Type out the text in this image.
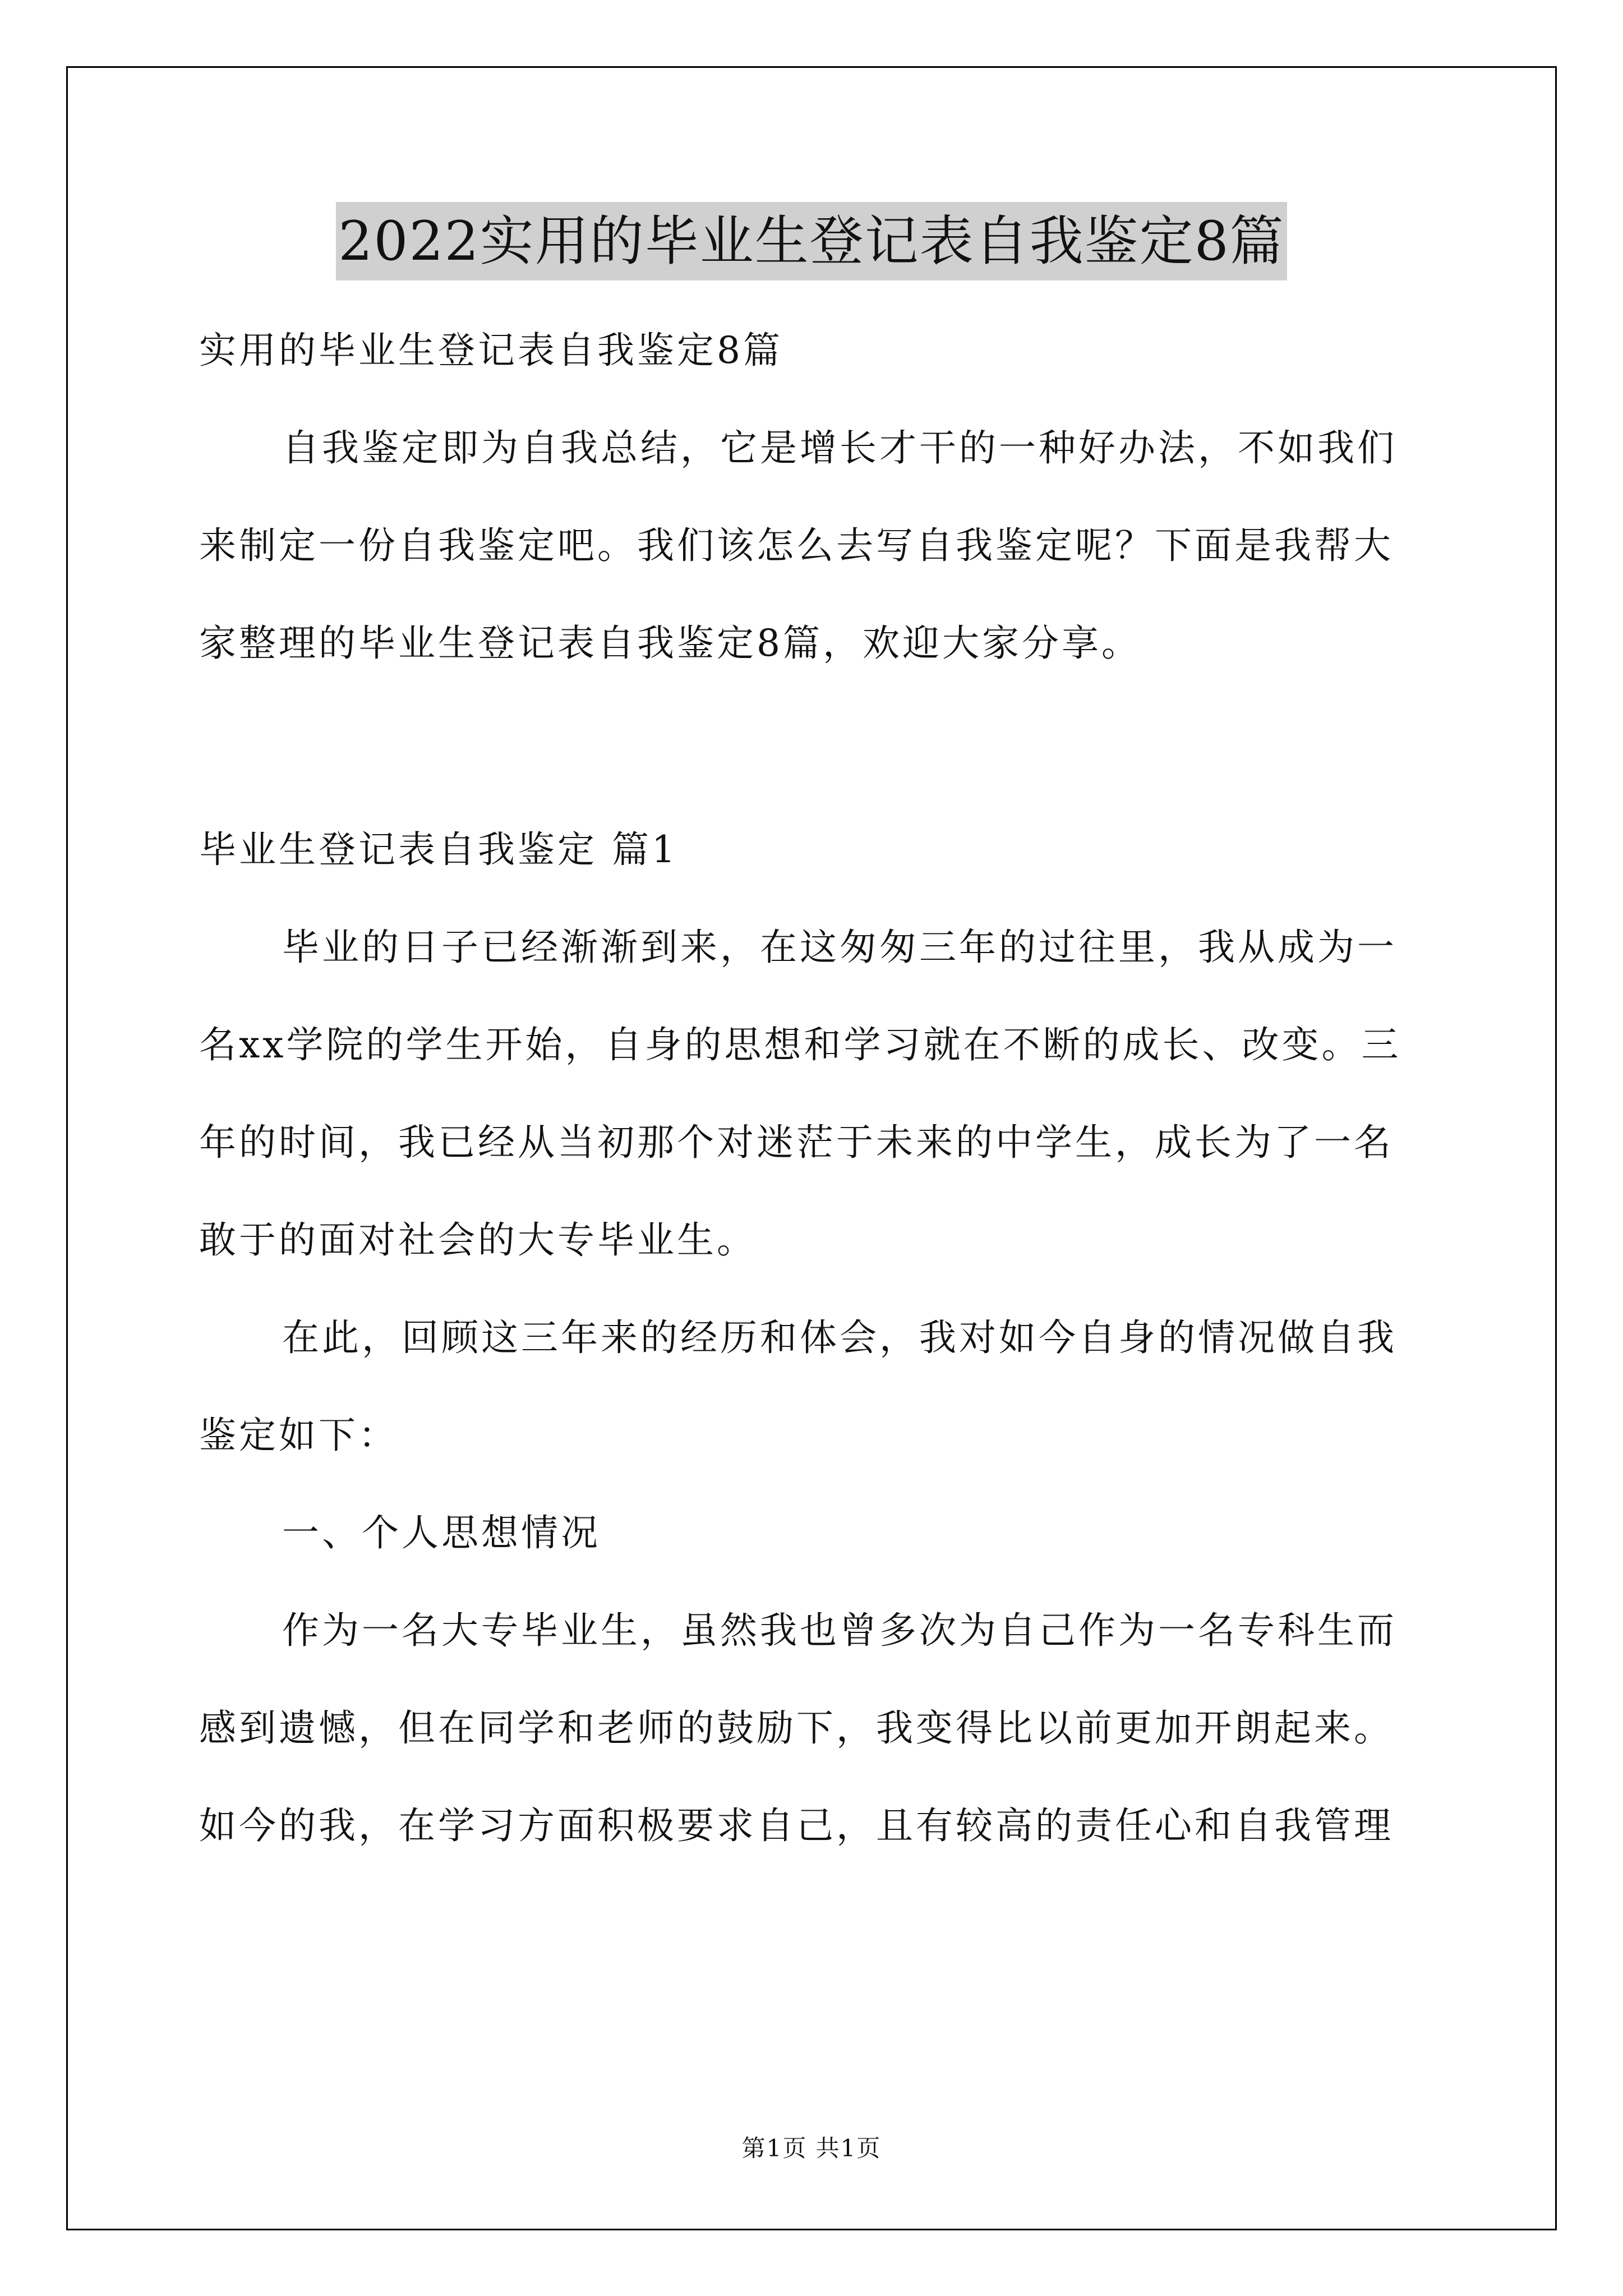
2022实用的毕业生登记表自我鉴定8篇
实用的毕业生登记表自我鉴定8篇
自我鉴定即为自我总结，它是增长才干的一种好办法，不如我们
来制定一份自我鉴定吧。我们该怎么去写自我鉴定呢？下面是我帮大
家整理的毕业生登记表自我鉴定8篇，欢迎大家分享。
毕业生登记表自我鉴定 篇1
毕业的日子已经渐渐到来，在这匆匆三年的过往里，我从成为一
名xx学院的学生开始，自身的思想和学习就在不断的成长、改变。三
年的时间，我已经从当初那个对迷茫于未来的中学生，成长为了一名
敢于的面对社会的大专毕业生。
在此，回顾这三年来的经历和体会，我对如今自身的情况做自我
鉴定如下：
一、个人思想情况
作为一名大专毕业生，虽然我也曾多次为自己作为一名专科生而
感到遗憾，但在同学和老师的鼓励下，我变得比以前更加开朗起来。
如今的我，在学习方面积极要求自己，且有较高的责任心和自我管理
第1页 共1页
